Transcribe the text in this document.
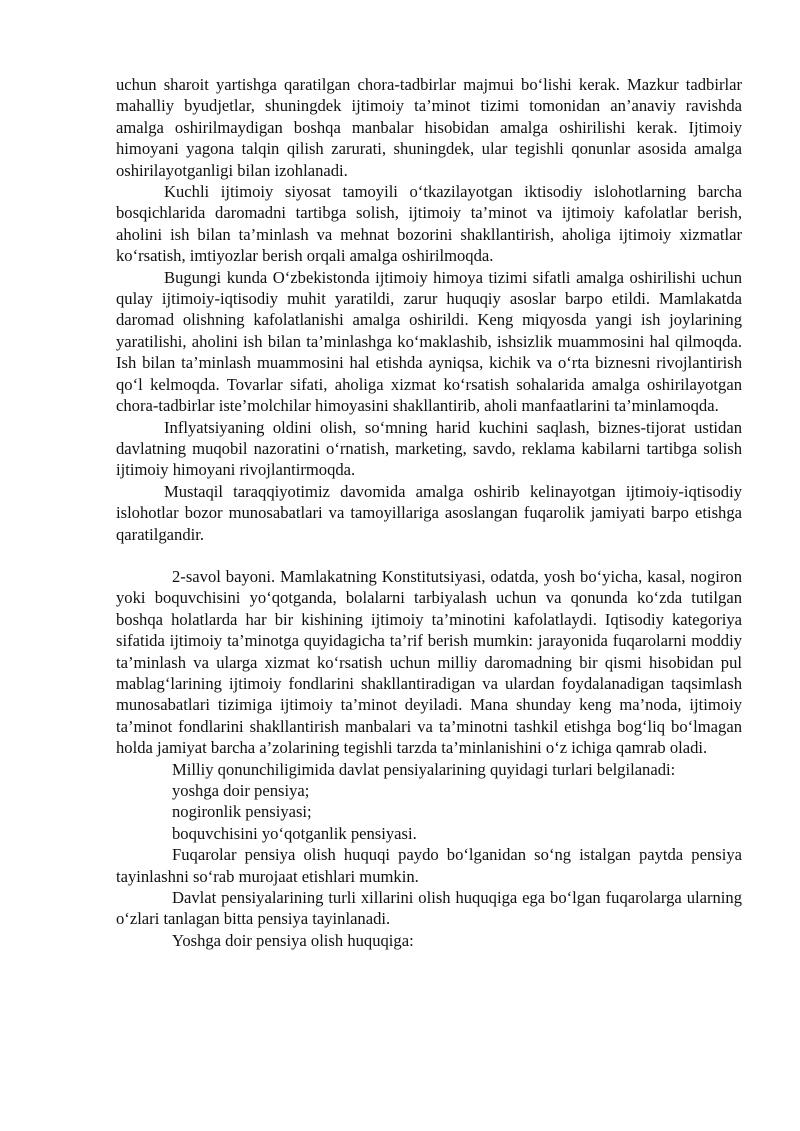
uchun sharoit yartishga qaratilgan chora-tadbirlar majmui bo‘lishi kerak. Mazkur tadbirlar mahalliy byudjetlar, shuningdek ijtimoiy ta’minot tizimi tomonidan an’anaviy ravishda amalga oshirilmaydigan boshqa manbalar hisobidan amalga oshirilishi kerak. Ijtimoiy himoyani yagona talqin qilish zarurati, shuningdek, ular tegishli qonunlar asosida amalga oshirilayotganligi bilan izohlanadi.

Kuchli ijtimoiy siyosat tamoyili o‘tkazilayotgan iktisodiy islohotlarning barcha bosqichlarida daromadni tartibga solish, ijtimoiy ta’minot va ijtimoiy kafolatlar berish, aholini ish bilan ta’minlash va mehnat bozorini shakllantirish, aholiga ijtimoiy xizmatlar ko‘rsatish, imtiyozlar berish orqali amalga oshirilmoqda.

Bugungi kunda O‘zbekistonda ijtimoiy himoya tizimi sifatli amalga oshirilishi uchun qulay ijtimoiy-iqtisodiy muhit yaratildi, zarur huquqiy asoslar barpo etildi. Mamlakatda daromad olishning kafolatlanishi amalga oshirildi. Keng miqyosda yangi ish joylarining yaratilishi, aholini ish bilan ta’minlashga ko‘maklashib, ishsizlik muammosini hal qilmoqda. Ish bilan ta’minlash muammosini hal etishda ayniqsa, kichik va o‘rta biznesni rivojlantirish qo‘l kelmoqda. Tovarlar sifati, aholiga xizmat ko‘rsatish sohalarida amalga oshirilayotgan chora-tadbirlar iste’molchilar himoyasini shakllantirib, aholi manfaatlarini ta’minlamoqda.

Inflyatsiyaning oldini olish, so‘mning harid kuchini saqlash, biznes-tijorat ustidan davlatning muqobil nazoratini o‘rnatish, marketing, savdo, reklama kabilarni tartibga solish ijtimoiy himoyani rivojlantirmoqda.

Mustaqil taraqqiyotimiz davomida amalga oshirib kelinayotgan ijtimoiy-iqtisodiy islohotlar bozor munosabatlari va tamoyillariga asoslangan fuqarolik jamiyati barpo etishga qaratilgandir.

2-savol bayoni. Mamlakatning Konstitutsiyasi, odatda, yosh bo‘yicha, kasal, nogiron yoki boquvchisini yo‘qotganda, bolalarni tarbiyalash uchun va qonunda ko‘zda tutilgan boshqa holatlarda har bir kishining ijtimoiy ta’minotini kafolatlaydi. Iqtisodiy kategoriya sifatida ijtimoiy ta’minotga quyidagicha ta’rif berish mumkin: jarayonida fuqarolarni moddiy ta’minlash va ularga xizmat ko‘rsatish uchun milliy daromadning bir qismi hisobidan pul mablag‘larining ijtimoiy fondlarini shakllantiradigan va ulardan foydalanadigan taqsimlash munosabatlari tizimiga ijtimoiy ta’minot deyiladi. Mana shunday keng ma’noda, ijtimoiy ta’minot fondlarini shakllantirish manbalari va ta’minotni tashkil etishga bog‘liq bo‘lmagan holda jamiyat barcha a’zolarining tegishli tarzda ta’minlanishini o‘z ichiga qamrab oladi.

Milliy qonunchiligimida davlat pensiyalarining quyidagi turlari belgilanadi:

yoshga doir pensiya;

nogironlik pensiyasi;

boquvchisini yo‘qotganlik pensiyasi.

Fuqarolar pensiya olish huquqi paydo bo‘lganidan so‘ng istalgan paytda pensiya tayinlashni so‘rab murojaat etishlari mumkin.

Davlat pensiyalarining turli xillarini olish huquqiga ega bo‘lgan fuqarolarga ularning o‘zlari tanlagan bitta pensiya tayinlanadi.

Yoshga doir pensiya olish huquqiga:
